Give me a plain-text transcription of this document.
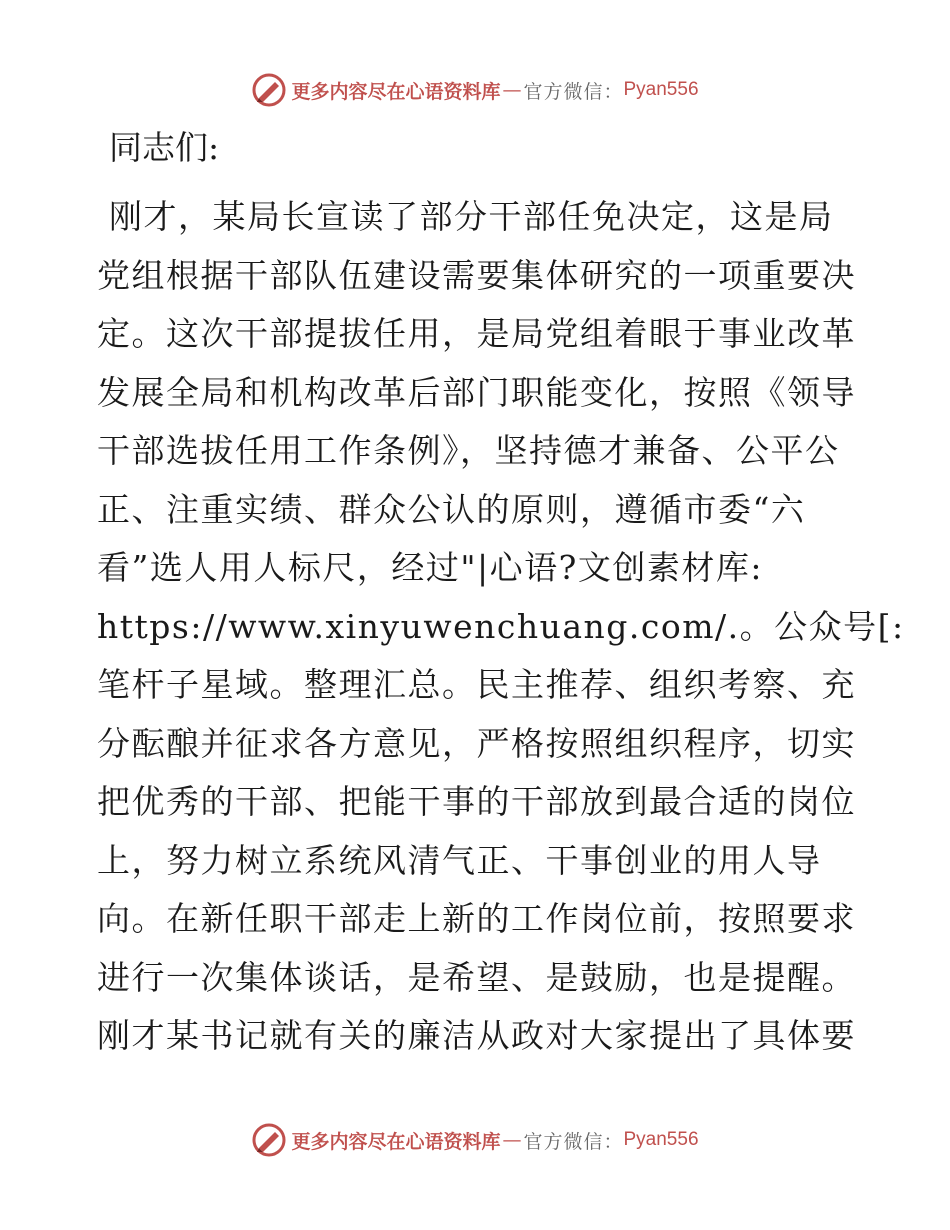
更多内容尽在心语资料库 — 官方微信： Pyan556
同志们:
刚才，某局长宣读了部分干部任免决定，这是局
党组根据干部队伍建设需要集体研究的一项重要决
定。这次干部提拔任用，是局党组着眼于事业改革
发展全局和机构改革后部门职能变化，按照《领导
干部选拔任用工作条例》，坚持德才兼备、公平公
正、注重实绩、群众公认的原则，遵循市委“六
看”选人用人标尺，经过"|心语?文创素材库:
https://www.xinyuwenchuang.com/.。公众号[:
笔杆子星域。整理汇总。民主推荐、组织考察、充
分酝酿并征求各方意见，严格按照组织程序，切实
把优秀的干部、把能干事的干部放到最合适的岗位
上，努力树立系统风清气正、干事创业的用人导
向。在新任职干部走上新的工作岗位前，按照要求
进行一次集体谈话，是希望、是鼓励，也是提醒。
刚才某书记就有关的廉洁从政对大家提出了具体要
更多内容尽在心语资料库 — 官方微信： Pyan556
